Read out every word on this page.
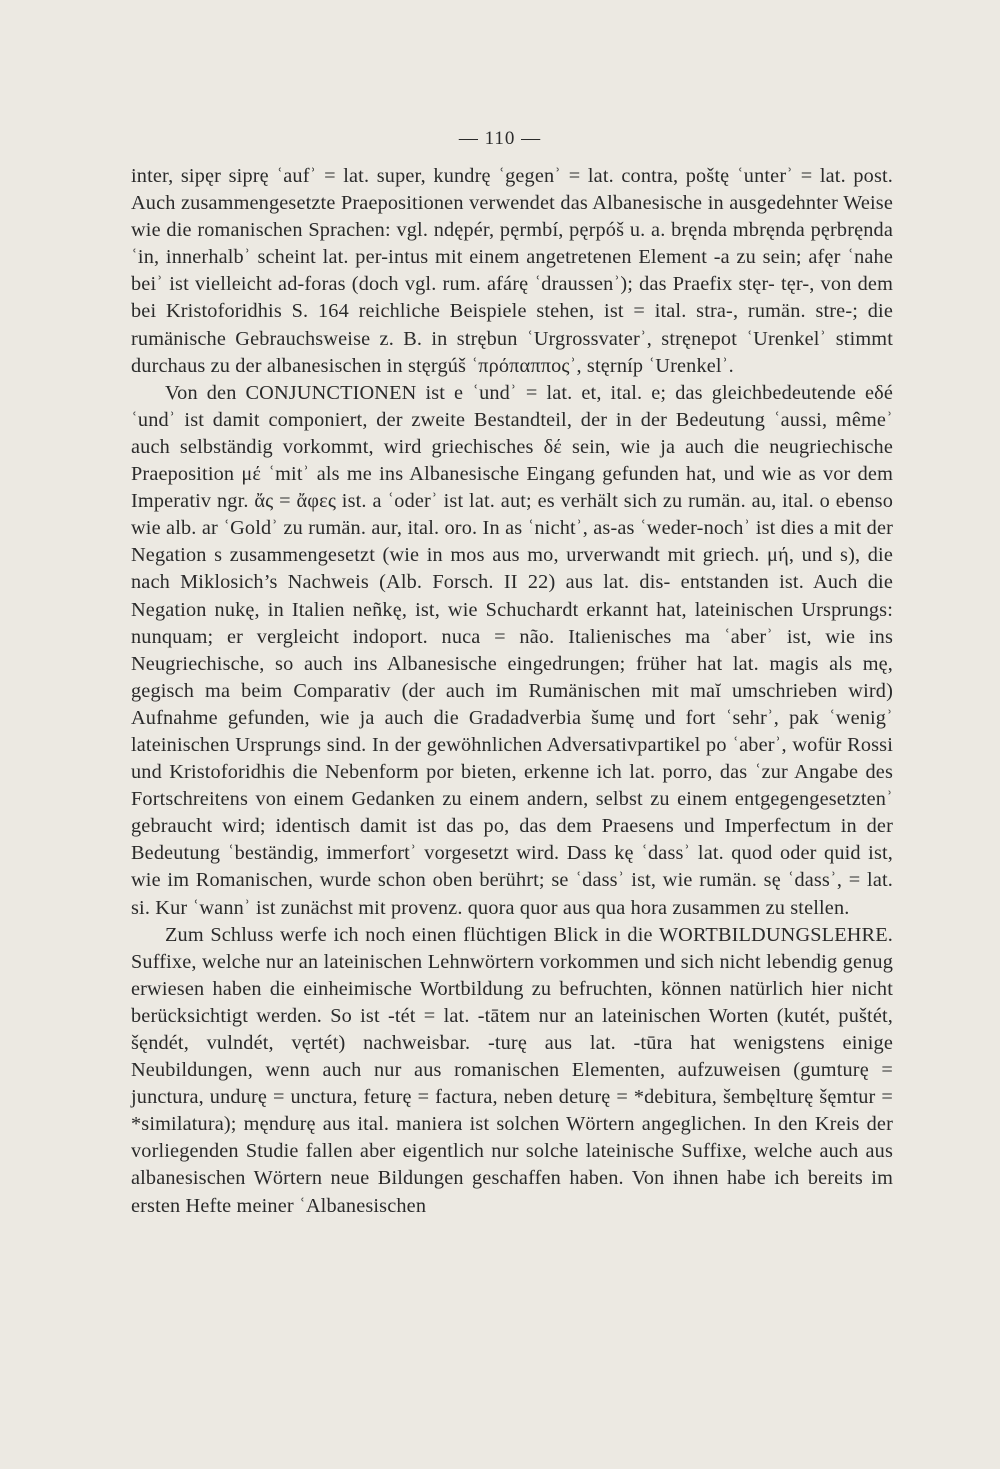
— 110 —

inter, sipęr siprę ʿaufʾ = lat. super, kundrę ʿgegenʾ = lat. contra, poštę ʿunterʾ = lat. post. Auch zusammengesetzte Praepositionen verwendet das Albanesische in ausgedehnter Weise wie die romanischen Sprachen: vgl. ndępér, pęrmbí, pęrpóš u. a. bręnda mbręnda pęrbręnda ʿin, innerhalbʾ scheint lat. per-intus mit einem angetretenen Element -a zu sein; afęr ʿnahe beiʾ ist vielleicht ad-foras (doch vgl. rum. afárę ʿdraussenʾ); das Praefix stęr- tęr-, von dem bei Kristoforidhis S. 164 reichliche Beispiele stehen, ist = ital. stra-, rumän. stre-; die rumänische Gebrauchsweise z. B. in strębun ʿUrgrossvaterʾ, stręnepot ʿUrenkelʾ stimmt durchaus zu der albanesischen in stęrgúš ʿπρόπαπποςʾ, stęrníp ʿUrenkelʾ.

Von den CONJUNCTIONEN ist e ʿundʾ = lat. et, ital. e; das gleichbedeutende eδé ʿundʾ ist damit componiert, der zweite Bestandteil, der in der Bedeutung ʿaussi, mêmeʾ auch selbständig vorkommt, wird griechisches δέ sein, wie ja auch die neugriechische Praeposition μέ ʿmitʾ als me ins Albanesische Eingang gefunden hat, und wie as vor dem Imperativ ngr. ἄς = ἄφες ist. a ʿoderʾ ist lat. aut; es verhält sich zu rumän. au, ital. o ebenso wie alb. ar ʿGoldʾ zu rumän. aur, ital. oro. In as ʿnichtʾ, as-as ʿweder-nochʾ ist dies a mit der Negation s zusammengesetzt (wie in mos aus mo, urverwandt mit griech. μή, und s), die nach Miklosich’s Nachweis (Alb. Forsch. II 22) aus lat. dis- entstanden ist. Auch die Negation nukę, in Italien neñkę, ist, wie Schuchardt erkannt hat, lateinischen Ursprungs: nunquam; er vergleicht indoport. nuca = não. Italienisches ma ʿaberʾ ist, wie ins Neugriechische, so auch ins Albanesische eingedrungen; früher hat lat. magis als mę, gegisch ma beim Comparativ (der auch im Rumänischen mit maĭ umschrieben wird) Aufnahme gefunden, wie ja auch die Gradadverbia šumę und fort ʿsehrʾ, pak ʿwenigʾ lateinischen Ursprungs sind. In der gewöhnlichen Adversativpartikel po ʿaberʾ, wofür Rossi und Kristoforidhis die Nebenform por bieten, erkenne ich lat. porro, das ʿzur Angabe des Fortschreitens von einem Gedanken zu einem andern, selbst zu einem entgegengesetztenʾ gebraucht wird; identisch damit ist das po, das dem Praesens und Imperfectum in der Bedeutung ʿbeständig, immerfortʾ vorgesetzt wird. Dass kę ʿdassʾ lat. quod oder quid ist, wie im Romanischen, wurde schon oben berührt; se ʿdassʾ ist, wie rumän. sę ʿdassʾ, = lat. si. Kur ʿwannʾ ist zunächst mit provenz. quora quor aus qua hora zusammen zu stellen.

Zum Schluss werfe ich noch einen flüchtigen Blick in die WORTBILDUNGSLEHRE. Suffixe, welche nur an lateinischen Lehnwörtern vorkommen und sich nicht lebendig genug erwiesen haben die einheimische Wortbildung zu befruchten, können natürlich hier nicht berücksichtigt werden. So ist -tét = lat. -tātem nur an lateinischen Worten (kutét, puštét, šęndét, vulndét, vęrtét) nachweisbar. -turę aus lat. -tūra hat wenigstens einige Neubildungen, wenn auch nur aus romanischen Elementen, aufzuweisen (gumturę = junctura, undurę = unctura, feturę = factura, neben deturę = *debitura, šembęlturę šęmtur = *similatura); męndurę aus ital. maniera ist solchen Wörtern angeglichen. In den Kreis der vorliegenden Studie fallen aber eigentlich nur solche lateinische Suffixe, welche auch aus albanesischen Wörtern neue Bildungen geschaffen haben. Von ihnen habe ich bereits im ersten Hefte meiner ʿAlbanesischen
